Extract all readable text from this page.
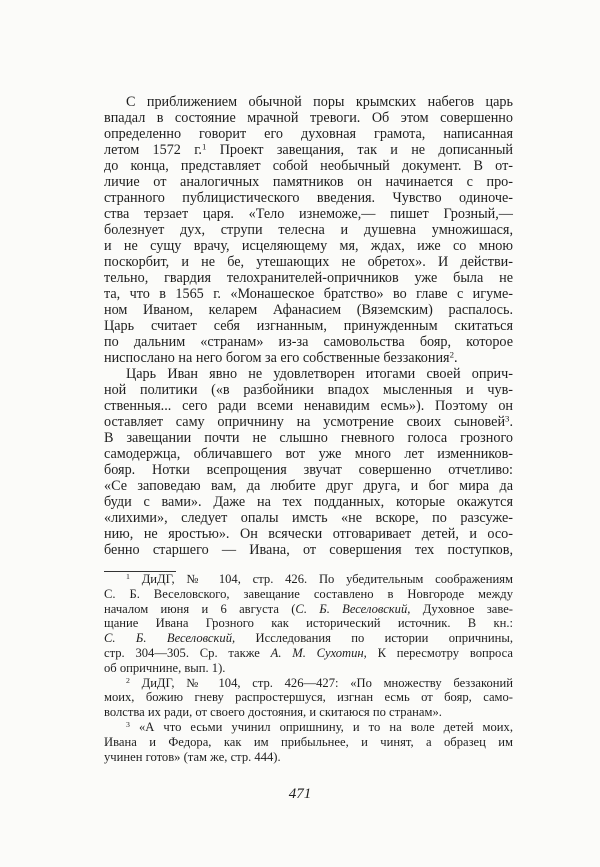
С приближением обычной поры крымских набегов царь
впадал в состояние мрачной тревоги. Об этом совершенно
определенно говорит его духовная грамота, написанная
летом 1572 г.$^1$ Проект завещания, так и не дописанный
до конца, представляет собой необычный документ. В от-
личие от аналогичных памятников он начинается с про-
странного публицистического введения. Чувство одиноче-
ства терзает царя. «Тело изнеможе,— пишет Грозный,—
болезнует дух, струпи телесна и душевна умножишася,
и не сущу врачу, исцеляющему мя, ждах, иже со мною
поскорбит, и не бе, утешающих не обретох». И действи-
тельно, гвардия телохранителей-опричников уже была не
та, что в 1565 г. «Монашеское братство» во главе с игуме-
ном Иваном, келарем Афанасием (Вяземским) распалось.
Царь считает себя изгнанным, принужденным скитаться
по дальним «странам» из-за самовольства бояр, которое
ниспослано на него богом за его собственные беззакония$^2$.
Царь Иван явно не удовлетворен итогами своей оприч-
ной политики («в разбойники впадох мысленныя и чув-
ственныя... сего ради всеми ненавидим есмь»). Поэтому он
оставляет саму опричнину на усмотрение своих сыновей$^3$.
В завещании почти не слышно гневного голоса грозного
самодержца, обличавшего вот уже много лет изменников-
бояр. Нотки всепрощения звучат совершенно отчетливо:
«Се заповедаю вам, да любите друг друга, и бог мира да
буди с вами». Даже на тех подданных, которые окажутся
«лихими», следует опалы имсть «не вскоре, по разсуже-
нию, не яростью». Он всячески отговаривает детей, и осо-
бенно старшего — Ивана, от совершения тех поступков,
$^1$ ДиДГ, № 104, стр. 426. По убедительным соображениям
С. Б. Веселовского, завещание составлено в Новгороде между
началом июня и 6 августа (С. Б. Веселовский, Духовное заве-
щание Ивана Грозного как исторический источник. В кн.:
С. Б. Веселовский, Исследования по истории опричнины,
стр. 304—305. Ср. также А. М. Сухотин, К пересмотру вопроса
об опричнине, вып. 1).
$^2$ ДиДГ, № 104, стр. 426—427: «По множеству беззаконий
моих, божию гневу распростершуся, изгнан есмь от бояр, само-
волства их ради, от своего достояния, и скитаюся по странам».
$^3$ «А что есьми учинил опришнину, и то на воле детей моих,
Ивана и Федора, как им прибыльнее, и чинят, а образец им
учинен готов» (там же, стр. 444).
471
